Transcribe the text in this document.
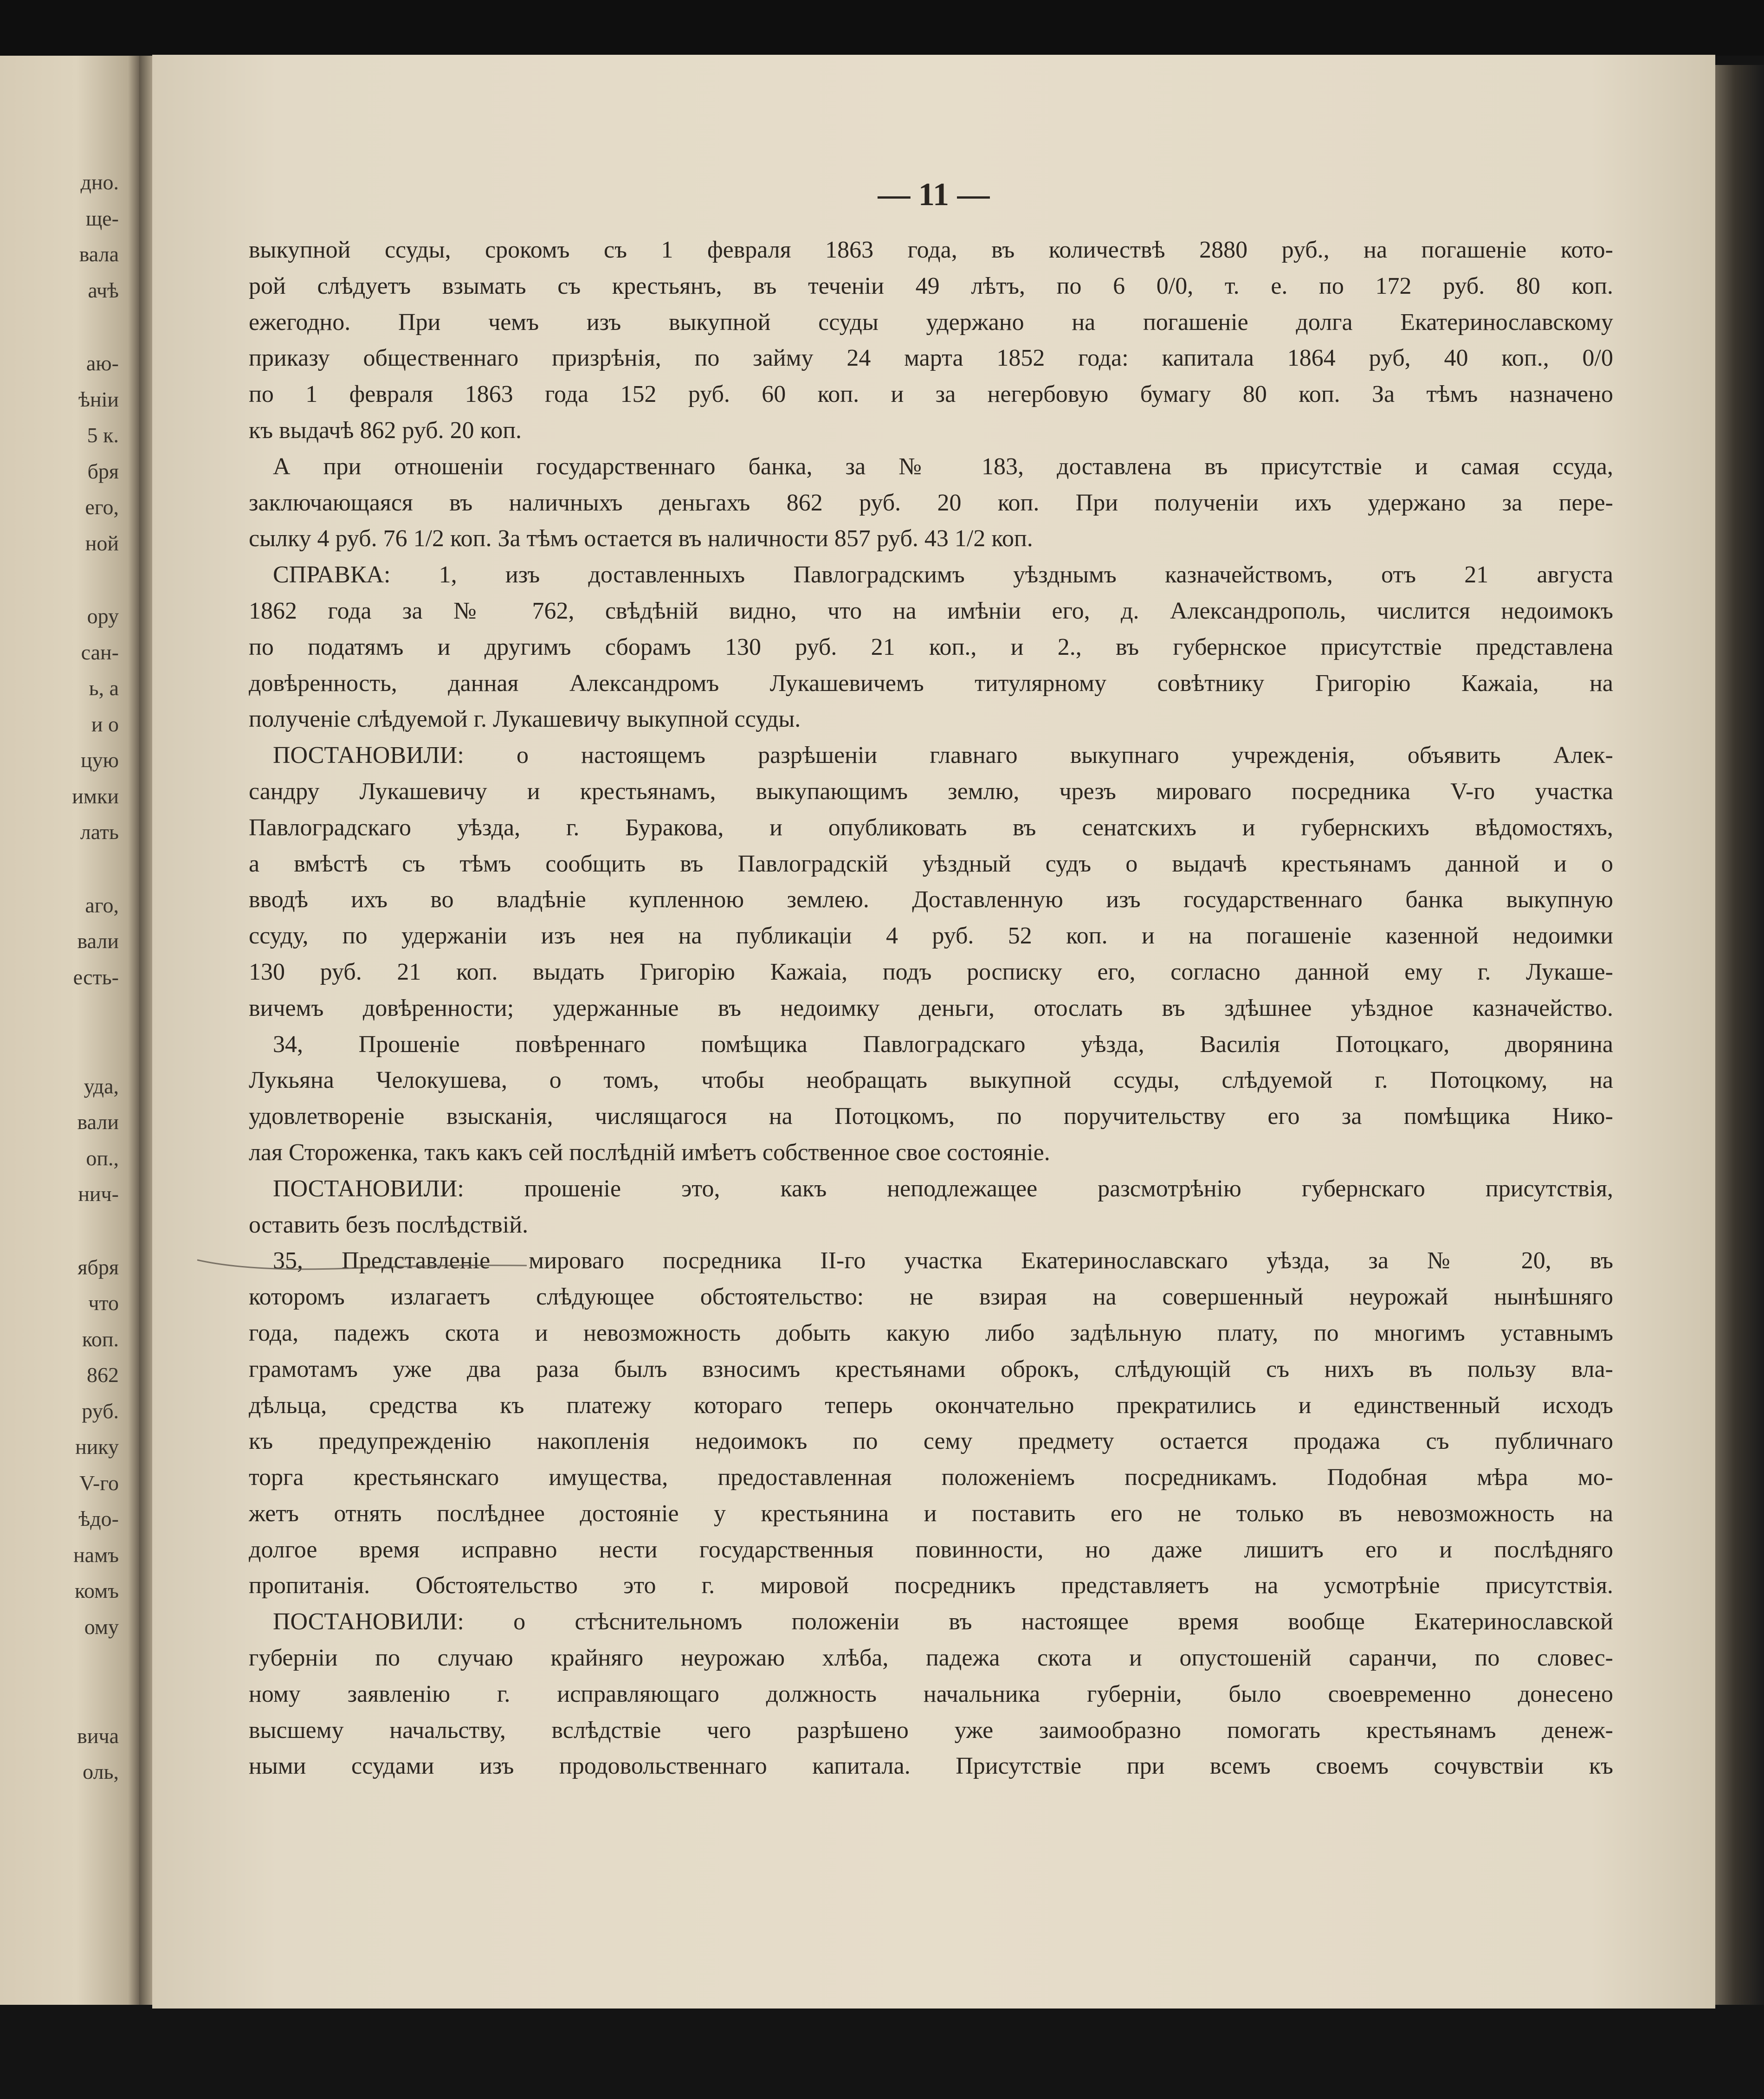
дно.
ще-
вала
ачѣ
аю-
ѣніи
5 к.
бря
его,
ной
ору
сан-
ь, а
и о
цую
имки
лать
аго,
вали
есть-
уда,
вали
оп.,
нич-
ября
что
коп.
862
руб.
нику
V-го
ѣдо-
намъ
комъ
ому
вича
оль,
— 11 —
выкупной ссуды, срокомъ съ 1 февраля 1863 года, въ количествѣ 2880 руб., на погашеніе кото-
рой слѣдуетъ взымать съ крестьянъ, въ теченіи 49 лѣтъ, по 6 0/0, т. е. по 172 руб. 80 коп.
ежегодно. При чемъ изъ выкупной ссуды удержано на погашеніе долга Екатеринославскому
приказу общественнаго призрѣнія, по займу 24 марта 1852 года: капитала 1864 руб, 40 коп., 0/0
по 1 февраля 1863 года 152 руб. 60 коп. и за негербовую бумагу 80 коп. За тѣмъ назначено
къ выдачѣ 862 руб. 20 коп.
А при отношеніи государственнаго банка, за № 183, доставлена въ присутствіе и самая ссуда,
заключающаяся въ наличныхъ деньгахъ 862 руб. 20 коп. При полученіи ихъ удержано за пере-
сылку 4 руб. 76 1/2 коп. За тѣмъ остается въ наличности 857 руб. 43 1/2 коп.
СПРАВКА: 1, изъ доставленныхъ Павлоградскимъ уѣзднымъ казначействомъ, отъ 21 августа
1862 года за № 762, свѣдѣній видно, что на имѣніи его, д. Александрополь, числится недоимокъ
по податямъ и другимъ сборамъ 130 руб. 21 коп., и 2., въ губернское присутствіе представлена
довѣренность, данная Александромъ Лукашевичемъ титулярному совѣтнику Григорію Кажаіа, на
полученіе слѣдуемой г. Лукашевичу выкупной ссуды.
ПОСТАНОВИЛИ: о настоящемъ разрѣшеніи главнаго выкупнаго учрежденія, объявить Алек-
сандру Лукашевичу и крестьянамъ, выкупающимъ землю, чрезъ мироваго посредника V-го участка
Павлоградскаго уѣзда, г. Буракова, и опубликовать въ сенатскихъ и губернскихъ вѣдомостяхъ,
а вмѣстѣ съ тѣмъ сообщить въ Павлоградскій уѣздный судъ о выдачѣ крестьянамъ данной и о
вводѣ ихъ во владѣніе купленною землею. Доставленную изъ государственнаго банка выкупную
ссуду, по удержаніи изъ нея на публикаціи 4 руб. 52 коп. и на погашеніе казенной недоимки
130 руб. 21 коп. выдать Григорію Кажаіа, подъ росписку его, согласно данной ему г. Лукаше-
вичемъ довѣренности; удержанные въ недоимку деньги, отослать въ здѣшнее уѣздное казначейство.
34, Прошеніе повѣреннаго помѣщика Павлоградскаго уѣзда, Василія Потоцкаго, дворянина
Лукьяна Челокушева, о томъ, чтобы необращать выкупной ссуды, слѣдуемой г. Потоцкому, на
удовлетвореніе взысканія, числящагося на Потоцкомъ, по поручительству его за помѣщика Нико-
лая Стороженка, такъ какъ сей послѣдній имѣетъ собственное свое состояніе.
ПОСТАНОВИЛИ: прошеніе это, какъ неподлежащее разсмотрѣнію губернскаго присутствія,
оставить безъ послѣдствій.
35, Представленіе мироваго посредника II-го участка Екатеринославскаго уѣзда, за № 20, въ
которомъ излагаетъ слѣдующее обстоятельство: не взирая на совершенный неурожай нынѣшняго
года, падежъ скота и невозможность добыть какую либо задѣльную плату, по многимъ уставнымъ
грамотамъ уже два раза былъ взносимъ крестьянами оброкъ, слѣдующій съ нихъ въ пользу вла-
дѣльца, средства къ платежу котораго теперь окончательно прекратились и единственный исходъ
къ предупрежденію накопленія недоимокъ по сему предмету остается продажа съ публичнаго
торга крестьянскаго имущества, предоставленная положеніемъ посредникамъ. Подобная мѣра мо-
жетъ отнять послѣднее достояніе у крестьянина и поставить его не только въ невозможность на
долгое время исправно нести государственныя повинности, но даже лишитъ его и послѣдняго
пропитанія. Обстоятельство это г. мировой посредникъ представляетъ на усмотрѣніе присутствія.
ПОСТАНОВИЛИ: о стѣснительномъ положеніи въ настоящее время вообще Екатеринославской
губерніи по случаю крайняго неурожаю хлѣба, падежа скота и опустошеній саранчи, по словес-
ному заявленію г. исправляющаго должность начальника губерніи, было своевременно донесено
высшему начальству, вслѣдствіе чего разрѣшено уже заимообразно помогать крестьянамъ денеж-
ными ссудами изъ продовольственнаго капитала. Присутствіе при всемъ своемъ сочувствіи къ
